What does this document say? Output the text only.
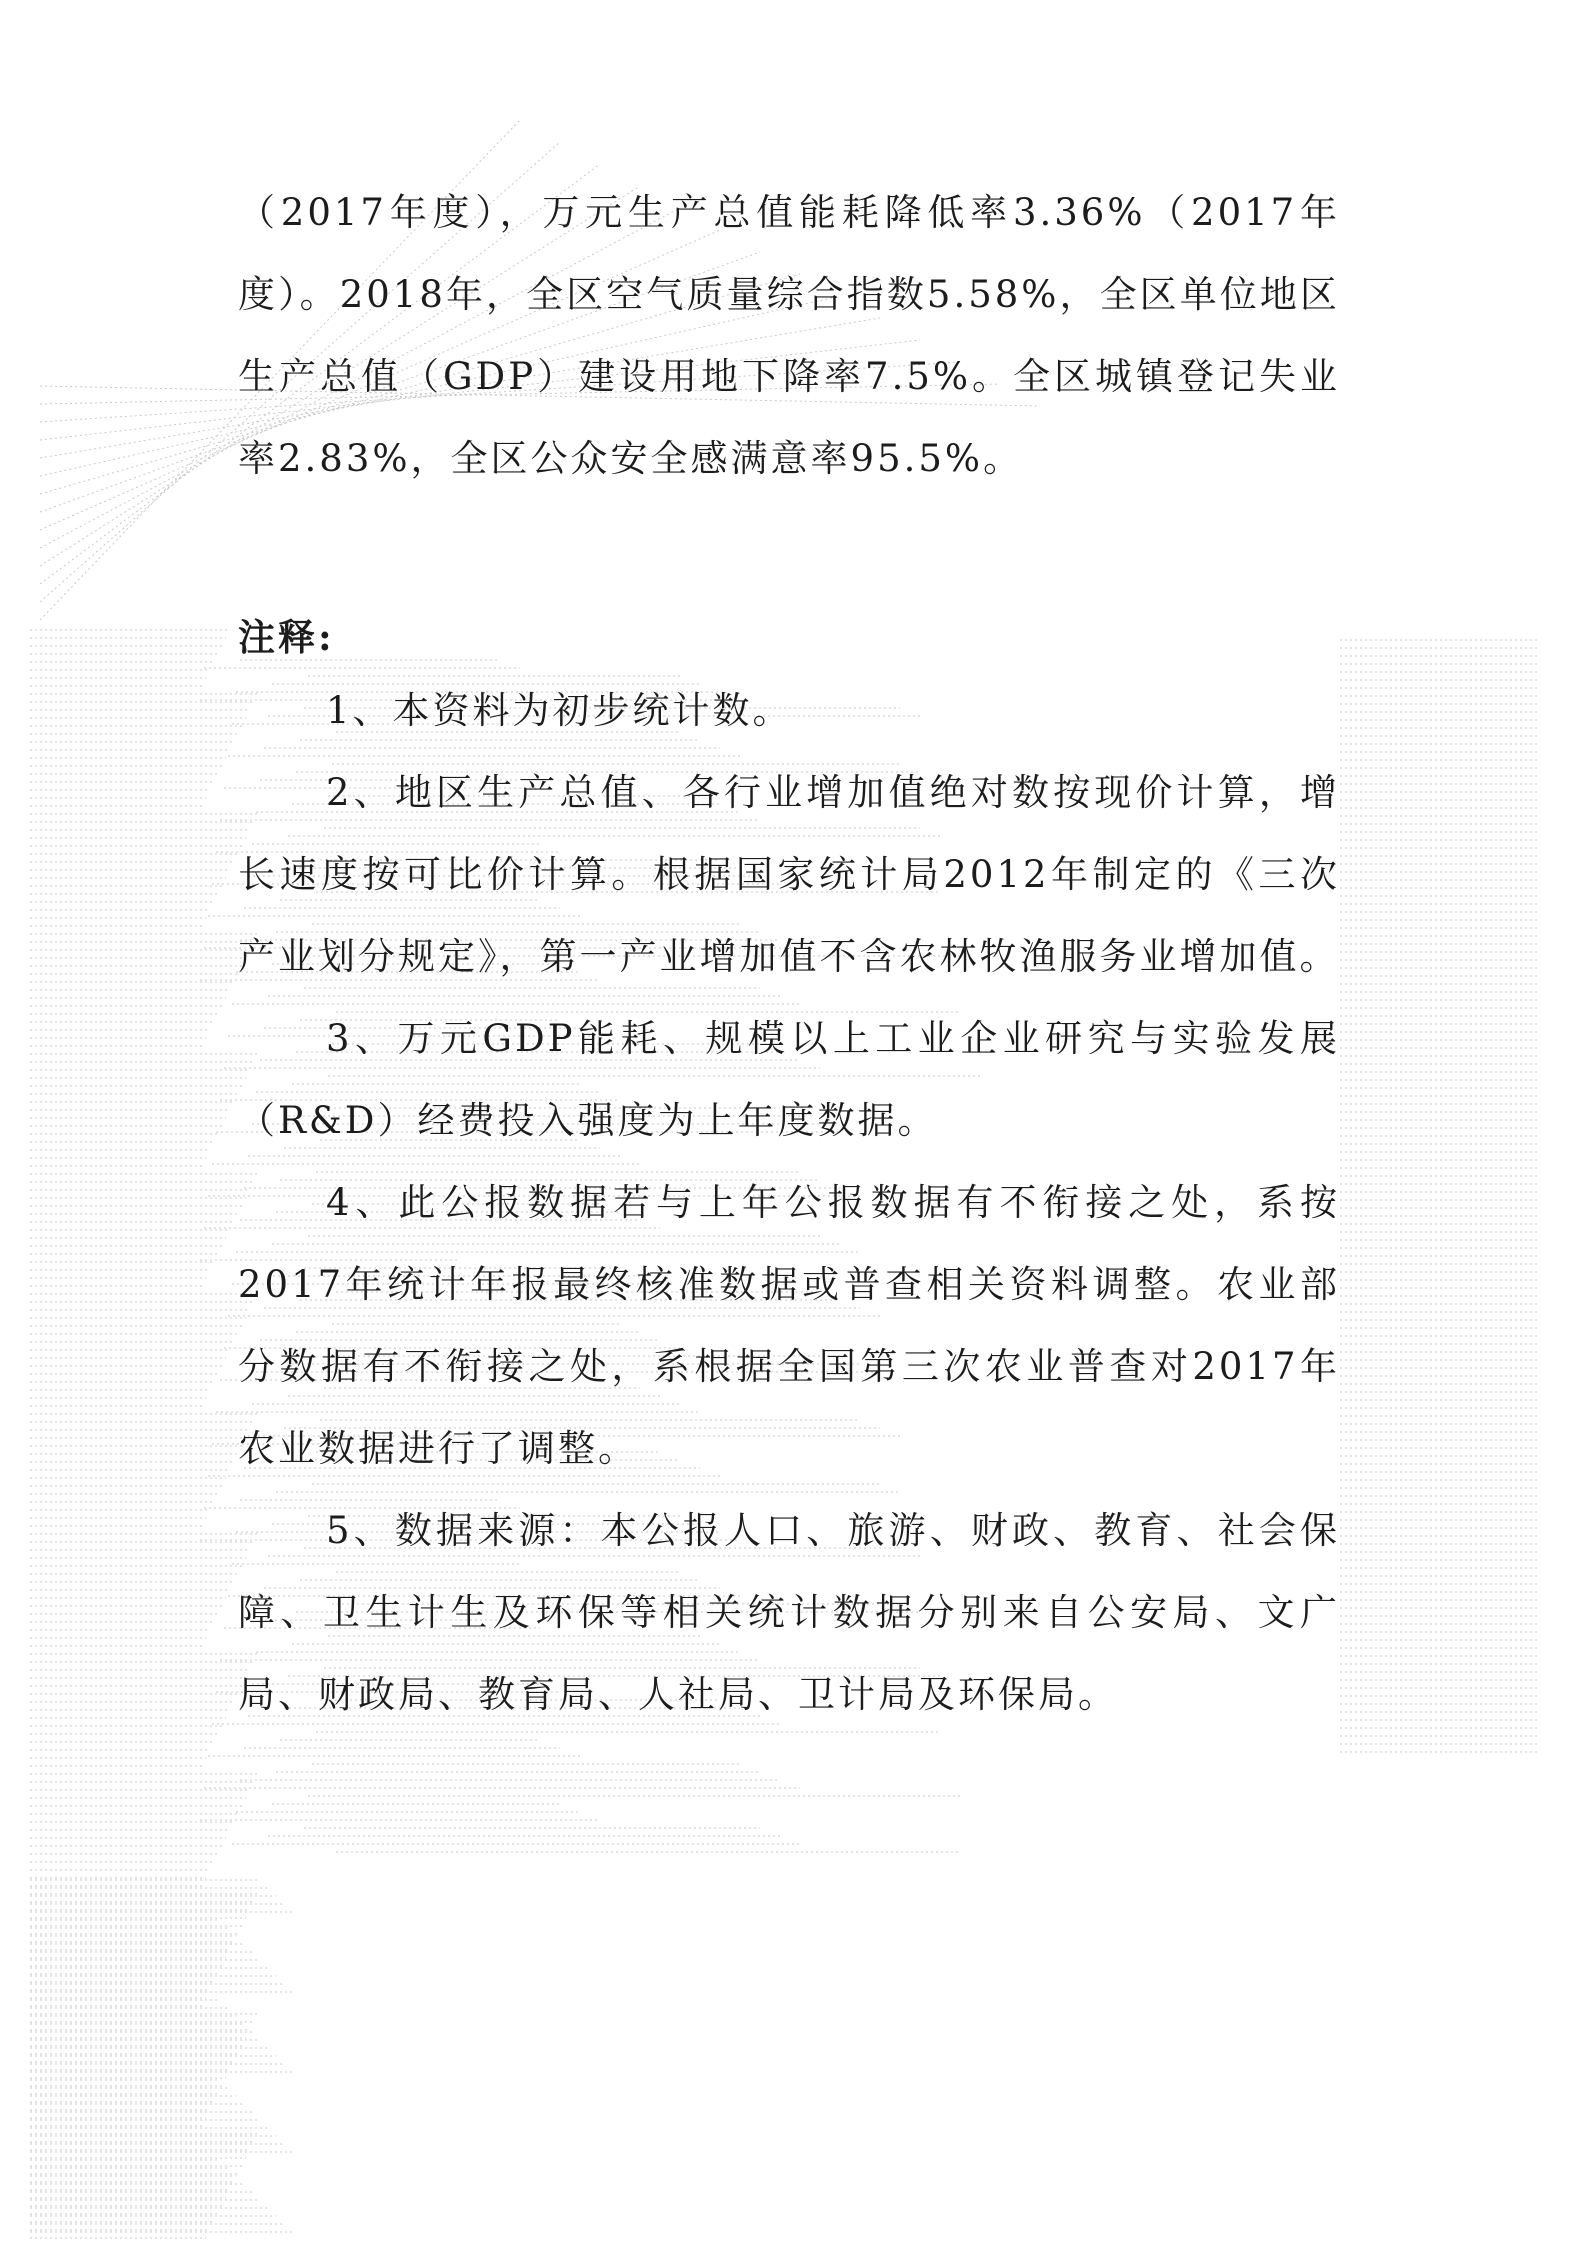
（2017年度），万元生产总值能耗降低率3.36%（2017年度）。2018年，全区空气质量综合指数5.58%，全区单位地区生产总值（GDP）建设用地下降率7.5%。全区城镇登记失业率2.83%，全区公众安全感满意率95.5%。
注释:

1、本资料为初步统计数。

2、地区生产总值、各行业增加值绝对数按现价计算，增长速度按可比价计算。根据国家统计局2012年制定的《三次产业划分规定》，第一产业增加值不含农林牧渔服务业增加值。

3、万元GDP能耗、规模以上工业企业研究与实验发展（R&D）经费投入强度为上年度数据。

4、此公报数据若与上年公报数据有不衔接之处，系按2017年统计年报最终核准数据或普查相关资料调整。农业部分数据有不衔接之处，系根据全国第三次农业普查对2017年农业数据进行了调整。

5、数据来源：本公报人口、旅游、财政、教育、社会保障、卫生计生及环保等相关统计数据分别来自公安局、文广局、财政局、教育局、人社局、卫计局及环保局。
